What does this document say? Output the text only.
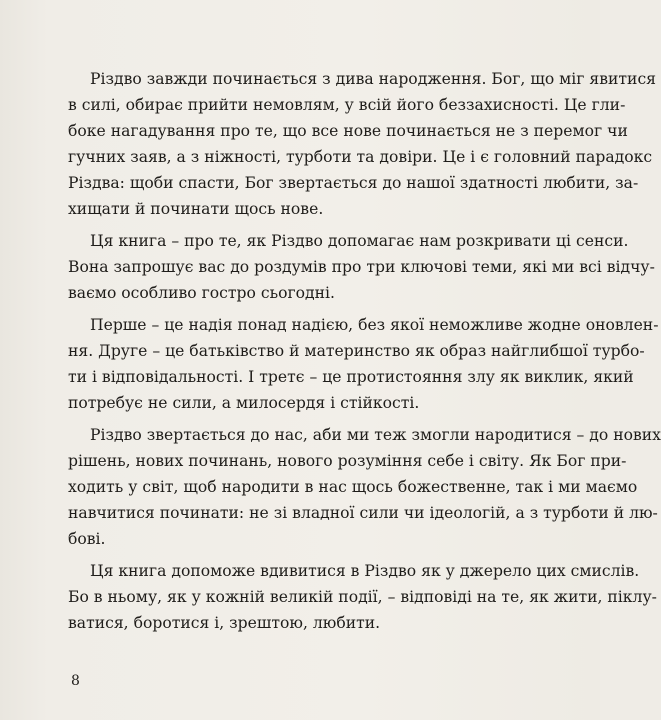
Різдво завжди починається з дива народження. Бог, що міг явитися
в силі, обирає прийти немовлям, у всій його беззахисності. Це гли-
боке нагадування про те, що все нове починається не з перемог чи
гучних заяв, а з ніжності, турботи та довіри. Це і є головний парадокс
Різдва: щоби спасти, Бог звертається до нашої здатності любити, за-
хищати й починати щось нове.
Ця книга – про те, як Різдво допомагає нам розкривати ці сенси.
Вона запрошує вас до роздумів про три ключові теми, які ми всі відчу-
ваємо особливо гостро сьогодні.
Перше – це надія понад надією, без якої неможливе жодне оновлен-
ня. Друге – це батьківство й материнство як образ найглибшої турбо-
ти і відповідальності. І третє – це протистояння злу як виклик, який
потребує не сили, а милосердя і стійкості.
Різдво звертається до нас, аби ми теж змогли народитися – до нових
рішень, нових починань, нового розуміння себе і світу. Як Бог при-
ходить у світ, щоб народити в нас щось божественне, так і ми маємо
навчитися починати: не зі владної сили чи ідеологій, а з турботи й лю-
бові.
Ця книга допоможе вдивитися в Різдво як у джерело цих смислів.
Бо в ньому, як у кожній великій події, – відповіді на те, як жити, піклу-
ватися, боротися і, зрештою, любити.
8
